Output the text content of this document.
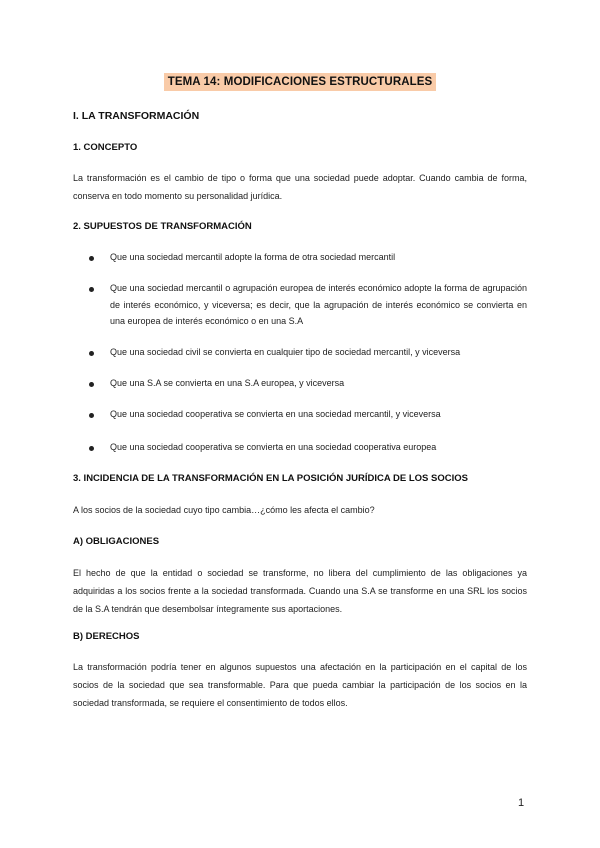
TEMA 14: MODIFICACIONES ESTRUCTURALES
I. LA TRANSFORMACIÓN
1. CONCEPTO

La transformación es el cambio de tipo o forma que una sociedad puede adoptar. Cuando cambia de forma, conserva en todo momento su personalidad jurídica.

2. SUPUESTOS DE TRANSFORMACIÓN
Que una sociedad mercantil adopte la forma de otra sociedad mercantil
Que una sociedad mercantil o agrupación europea de interés económico adopte la forma de agrupación de interés económico, y viceversa; es decir, que la agrupación de interés económico se convierta en una europea de interés económico o en una S.A
Que una sociedad civil se convierta en cualquier tipo de sociedad mercantil, y viceversa
Que una S.A se convierta en una S.A europea, y viceversa
Que una sociedad cooperativa se convierta en una sociedad mercantil, y viceversa
Que una sociedad cooperativa se convierta en una sociedad cooperativa europea
3. INCIDENCIA DE LA TRANSFORMACIÓN EN LA POSICIÓN JURÍDICA DE LOS SOCIOS

A los socios de la sociedad cuyo tipo cambia…¿cómo les afecta el cambio?

A) OBLIGACIONES

El hecho de que la entidad o sociedad se transforme, no libera del cumplimiento de las obligaciones ya adquiridas a los socios frente a la sociedad transformada. Cuando una S.A se transforme en una SRL los socios de la S.A tendrán que desembolsar íntegramente sus aportaciones.

B) DERECHOS

La transformación podría tener en algunos supuestos una afectación en la participación en el capital de los socios de la sociedad que sea transformable. Para que pueda cambiar la participación de los socios en la sociedad transformada, se requiere el consentimiento de todos ellos.

1
